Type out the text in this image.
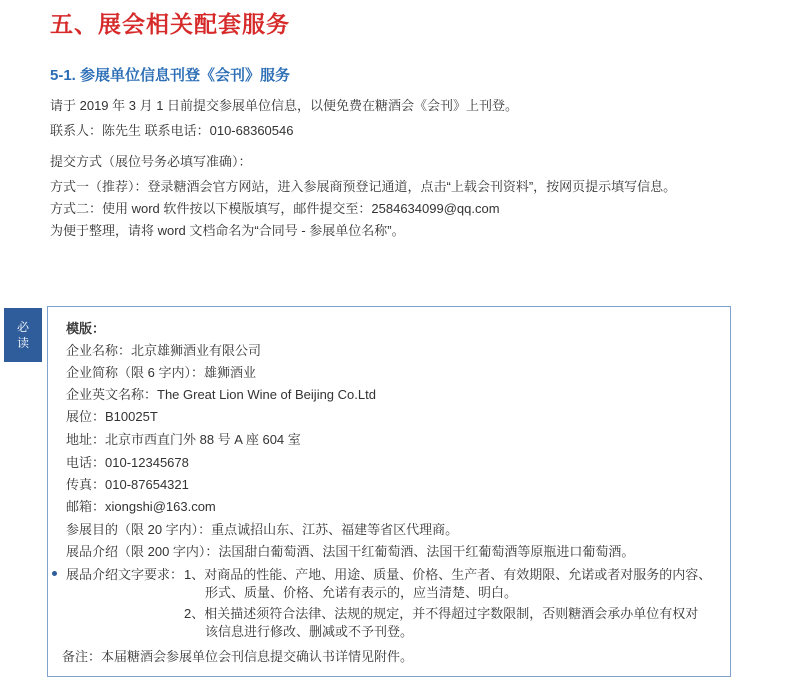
五、展会相关配套服务
5-1. 参展单位信息刊登《会刊》服务

请于 2019 年 3 月 1 日前提交参展单位信息，以便免费在糖酒会《会刊》上刊登。

联系人：陈先生 联系电话：010-68360546

提交方式（展位号务必填写准确）：

方式一（推荐）：登录糖酒会官方网站，进入参展商预登记通道，点击“上载会刊资料”，按网页提示填写信息。

方式二：使用 word 软件按以下模版填写，邮件提交至：2584634099@qq.com

为便于整理，请将 word 文档命名为“合同号 - 参展单位名称”。

必
读

模版：

企业名称：北京雄狮酒业有限公司

企业简称（限 6 字内）：雄狮酒业

企业英文名称：The Great Lion Wine of Beijing Co.Ltd

展位：B10025T

地址：北京市西直门外 88 号 A 座 604 室

电话：010-12345678

传真：010-87654321

邮箱：xiongshi@163.com

参展目的（限 20 字内）：重点诚招山东、江苏、福建等省区代理商。

展品介绍（限 200 字内）：法国甜白葡萄酒、法国干红葡萄酒、法国干红葡萄酒等原瓶进口葡萄酒。

展品介绍文字要求： 1、对商品的性能、产地、用途、质量、价格、生产者、有效期限、允诺或者对服务的内容、

形式、质量、价格、允诺有表示的，应当清楚、明白。

2、相关描述须符合法律、法规的规定，并不得超过字数限制，否则糖酒会承办单位有权对

该信息进行修改、删减或不予刊登。

备注：本届糖酒会参展单位会刊信息提交确认书详情见附件。
